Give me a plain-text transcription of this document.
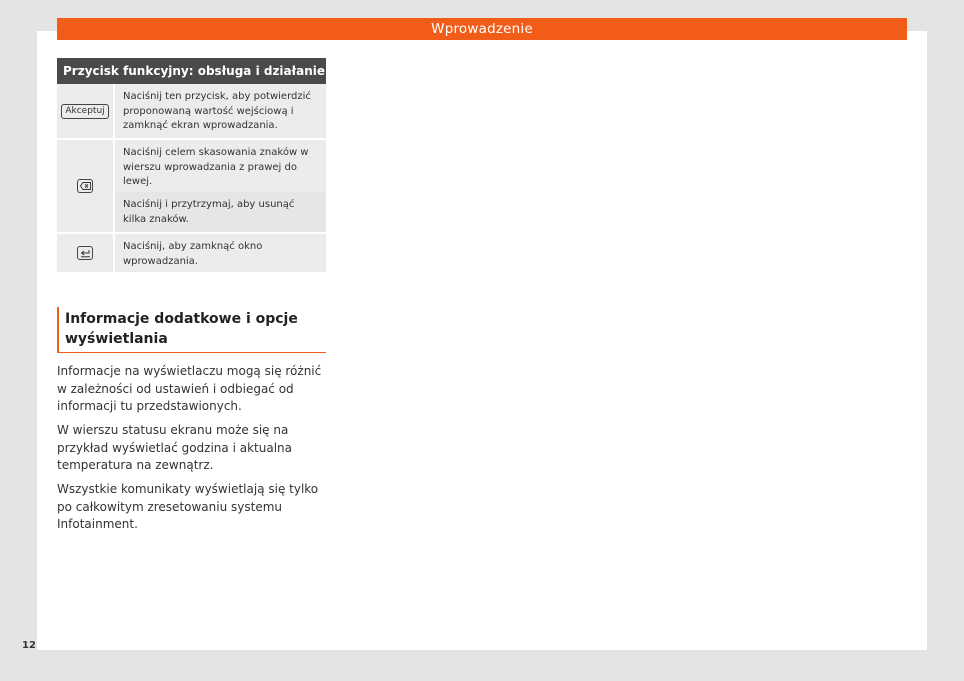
Wprowadzenie
Przycisk funkcyjny: obsługa i działanie
Akceptuj
Naciśnij ten przycisk, aby potwierdzić proponowaną wartość wejściową i zamknąć ekran wprowadzania.
Naciśnij celem skasowania znaków w wierszu wprowadzania z prawej do lewej.
Naciśnij i przytrzymaj, aby usunąć kilka znaków.
Naciśnij, aby zamknąć okno wprowadzania.
Informacje dodatkowe i opcje wyświetlania
Informacje na wyświetlaczu mogą się różnić w zależności od ustawień i odbiegać od informacji tu przedstawionych.
W wierszu statusu ekranu może się na przykład wyświetlać godzina i aktualna temperatura na zewnątrz.
Wszystkie komunikaty wyświetlają się tylko po całkowitym zresetowaniu systemu Infotainment.
12
